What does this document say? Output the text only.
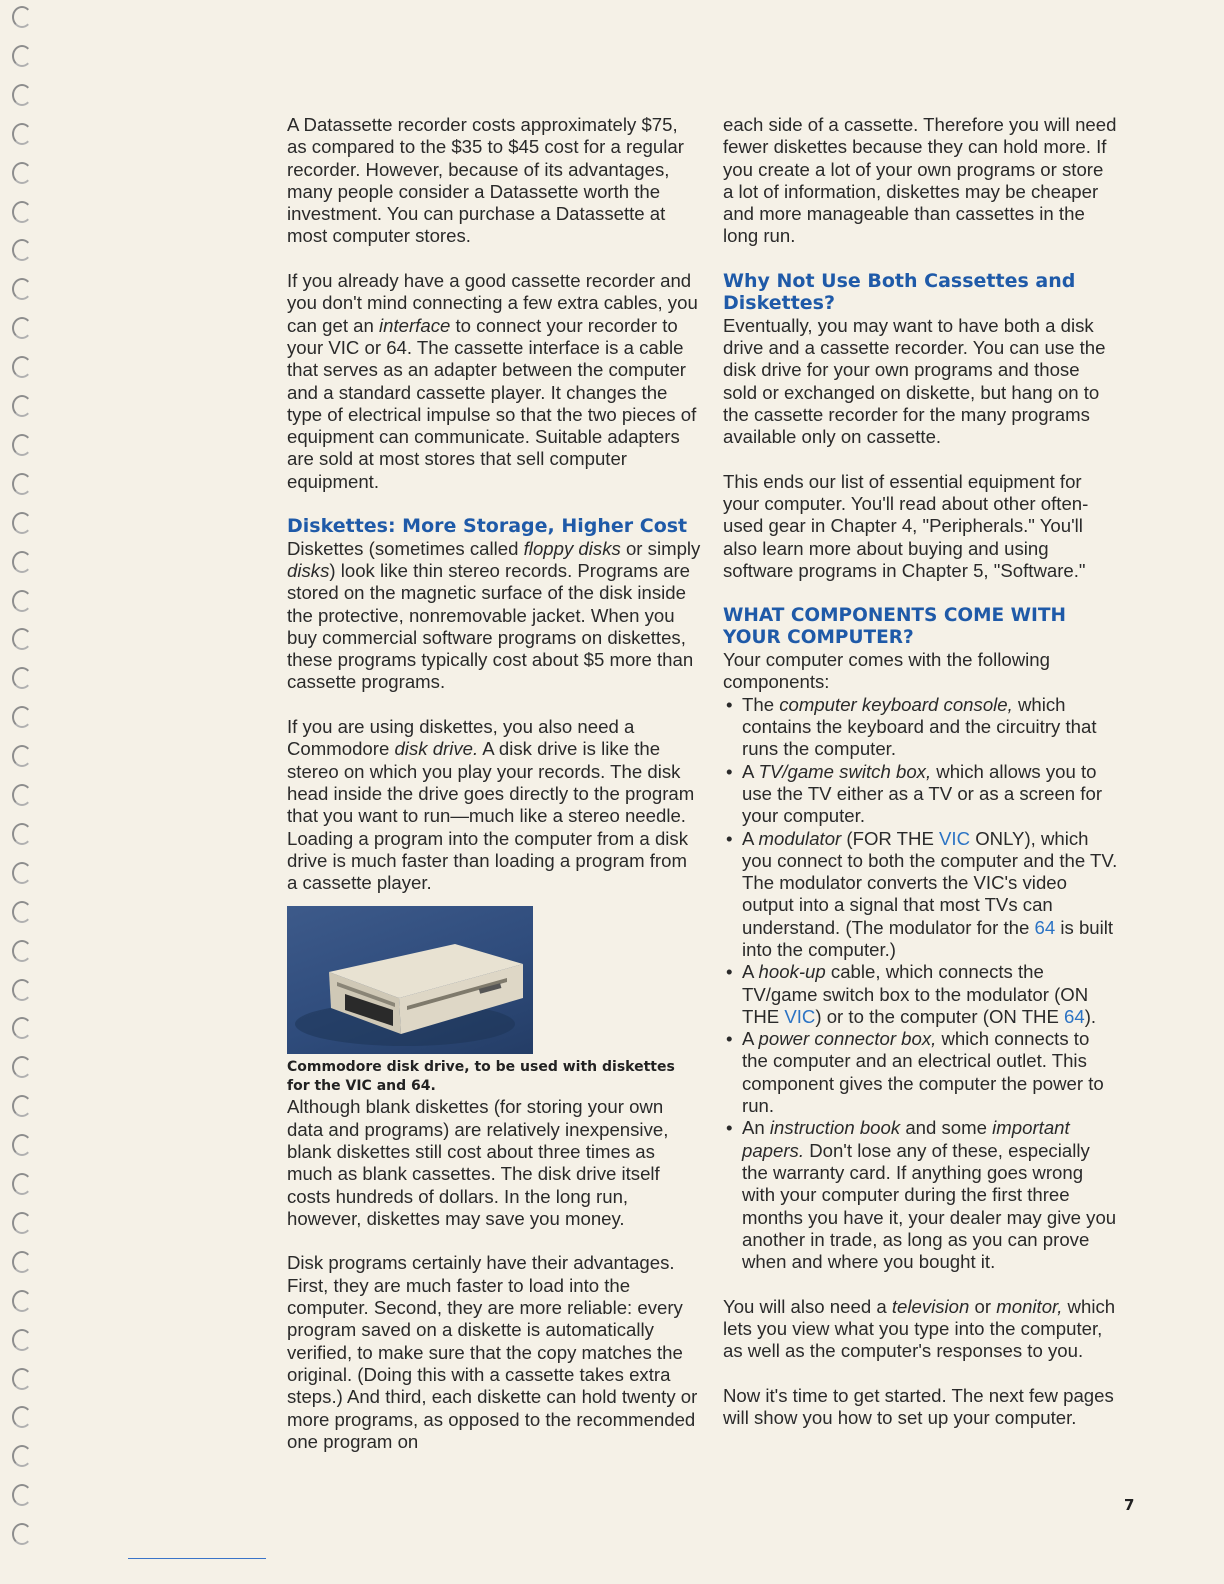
A Datassette recorder costs approximately $75, as compared to the $35 to $45 cost for a regular recorder. However, because of its advantages, many people consider a Datassette worth the investment. You can purchase a Datassette at most computer stores.

If you already have a good cassette recorder and you don't mind connecting a few extra cables, you can get an interface to connect your recorder to your VIC or 64. The cassette interface is a cable that serves as an adapter between the computer and a standard cassette player. It changes the type of electrical impulse so that the two pieces of equipment can communicate. Suitable adapters are sold at most stores that sell computer equipment.

Diskettes: More Storage, Higher Cost

Diskettes (sometimes called floppy disks or simply disks) look like thin stereo records. Programs are stored on the magnetic surface of the disk inside the protective, nonremovable jacket. When you buy commercial software programs on diskettes, these programs typically cost about $5 more than cassette programs.

If you are using diskettes, you also need a Commodore disk drive. A disk drive is like the stereo on which you play your records. The disk head inside the drive goes directly to the program that you want to run—much like a stereo needle. Loading a program into the computer from a disk drive is much faster than loading a program from a cassette player.

Commodore disk drive, to be used with diskettes for the VIC and 64.

Although blank diskettes (for storing your own data and programs) are relatively inexpensive, blank diskettes still cost about three times as much as blank cassettes. The disk drive itself costs hundreds of dollars. In the long run, however, diskettes may save you money.

Disk programs certainly have their advantages. First, they are much faster to load into the computer. Second, they are more reliable: every program saved on a diskette is automatically verified, to make sure that the copy matches the original. (Doing this with a cassette takes extra steps.) And third, each diskette can hold twenty or more programs, as opposed to the recommended one program on

each side of a cassette. Therefore you will need fewer diskettes because they can hold more. If you create a lot of your own programs or store a lot of information, diskettes may be cheaper and more manageable than cassettes in the long run.

Why Not Use Both Cassettes and Diskettes?

Eventually, you may want to have both a disk drive and a cassette recorder. You can use the disk drive for your own programs and those sold or exchanged on diskette, but hang on to the cassette recorder for the many programs available only on cassette.

This ends our list of essential equipment for your computer. You'll read about other often-used gear in Chapter 4, "Peripherals." You'll also learn more about buying and using software programs in Chapter 5, "Software."

WHAT COMPONENTS COME WITH YOUR COMPUTER?

Your computer comes with the following components:

• The computer keyboard console, which contains the keyboard and the circuitry that runs the computer.
• A TV/game switch box, which allows you to use the TV either as a TV or as a screen for your computer.
• A modulator (FOR THE VIC ONLY), which you connect to both the computer and the TV. The modulator converts the VIC's video output into a signal that most TVs can understand. (The modulator for the 64 is built into the computer.)
• A hook-up cable, which connects the TV/game switch box to the modulator (ON THE VIC) or to the computer (ON THE 64).
• A power connector box, which connects to the computer and an electrical outlet. This component gives the computer the power to run.
• An instruction book and some important papers. Don't lose any of these, especially the warranty card. If anything goes wrong with your computer during the first three months you have it, your dealer may give you another in trade, as long as you can prove when and where you bought it.

You will also need a television or monitor, which lets you view what you type into the computer, as well as the computer's responses to you.

Now it's time to get started. The next few pages will show you how to set up your computer.

7
